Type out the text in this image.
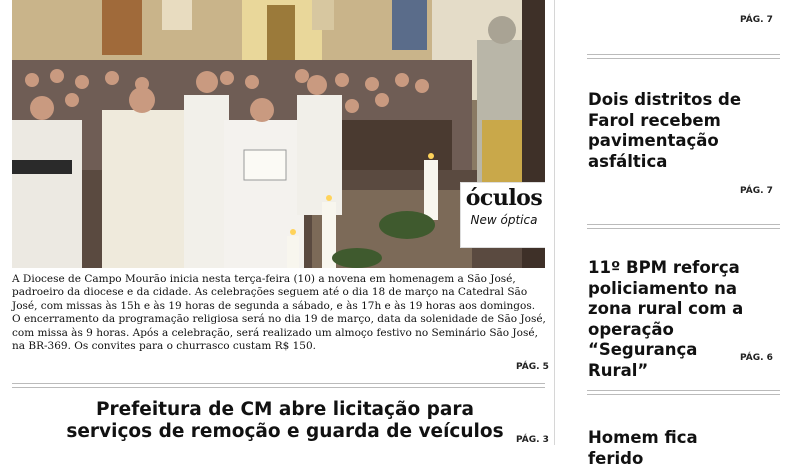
óculos
New óptica

A Diocese de Campo Mourão inicia nesta terça-feira (10) a novena em homenagem a São José, padroeiro da diocese e da cidade. As celebrações seguem até o dia 18 de março na Catedral São José, com missas às 15h e às 19 horas de segunda a sábado, e às 17h e às 19 horas aos domingos. O encerramento da programação religiosa será no dia 19 de março, data da solenidade de São José, com missa às 9 horas. Após a celebração, será realizado um almoço festivo no Seminário São José, na BR-369. Os convites para o churrasco custam R$ 150.

PÁG. 5
Prefeitura de CM abre licitação para
serviços de remoção e guarda de veículos	PÁG. 3
PÁG. 7
Dois distritos de Farol recebem pavimentação asfáltica
PÁG. 7
11º BPM reforça policiamento na zona rural com a operação “Segurança Rural”
PÁG. 6
Homem fica ferido
